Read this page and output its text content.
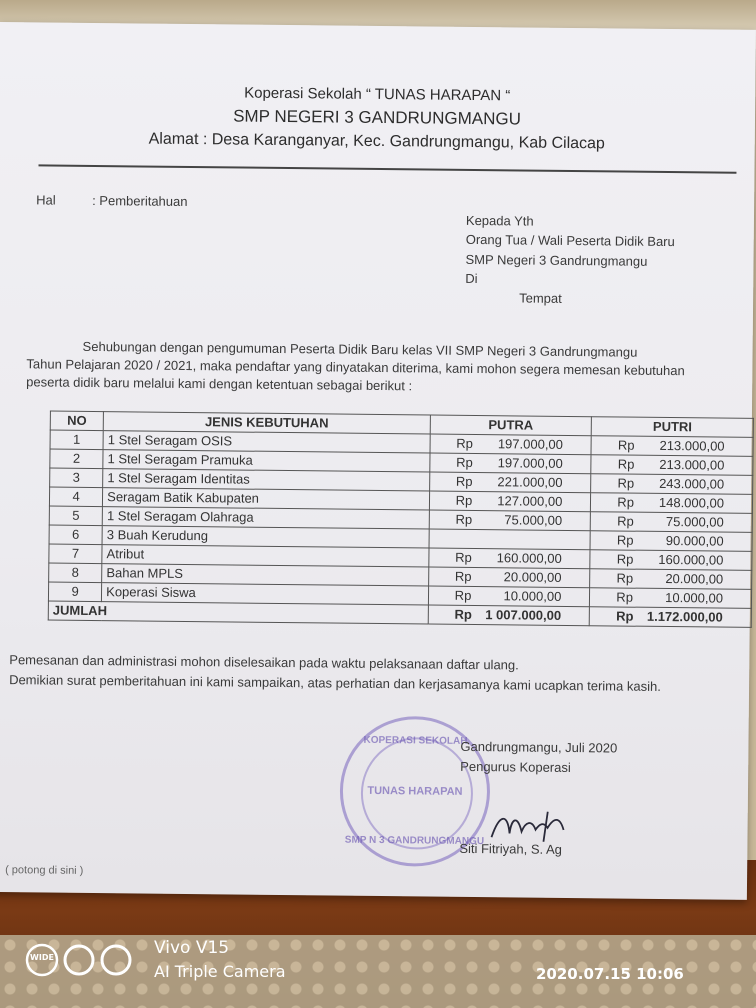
Koperasi Sekolah “ TUNAS HARAPAN “
SMP NEGERI 3 GANDRUNGMANGU
Alamat : Desa Karanganyar, Kec. Gandrungmangu, Kab Cilacap
Hal	: Pemberitahuan
Kepada Yth
Orang Tua / Wali Peserta Didik Baru
SMP Negeri 3 Gandrungmangu
Di
Tempat
Sehubungan dengan pengumuman Peserta Didik Baru kelas VII SMP Negeri 3 Gandrungmangu
Tahun Pelajaran 2020 / 2021, maka pendaftar yang dinyatakan diterima, kami mohon segera memesan kebutuhan
peserta didik baru melalui kami dengan ketentuan sebagai berikut :
NO	JENIS KEBUTUHAN	PUTRA	PUTRI
1	1 Stel Seragam OSIS	Rp 197.000,00	Rp 213.000,00

2	1 Stel Seragam Pramuka	Rp 197.000,00	Rp 213.000,00

3	1 Stel Seragam Identitas	Rp 221.000,00	Rp 243.000,00

4	Seragam Batik Kabupaten	Rp 127.000,00	Rp 148.000,00

5	1 Stel Seragam Olahraga	Rp 75.000,00	Rp 75.000,00

6	3 Buah Kerudung		Rp 90.000,00

7	Atribut	Rp 160.000,00	Rp 160.000,00

8	Bahan MPLS	Rp 20.000,00	Rp 20.000,00

9	Koperasi Siswa	Rp 10.000,00	Rp 10.000,00

JUMLAH		Rp 1 007.000,00	Rp 1.172.000,00
Pemesanan dan administrasi mohon diselesaikan pada waktu pelaksanaan daftar ulang.
Demikian surat pemberitahuan ini kami sampaikan, atas perhatian dan kerjasamanya kami ucapkan terima kasih.
KOPERASI SEKOLAH
TUNAS HARAPAN
SMP N 3 GANDRUNGMANGU
Gandrungmangu, Juli 2020
Pengurus Koperasi
Siti Fitriyah, S. Ag
( potong di sini )
WIDE	Vivo V15
AI Triple Camera	2020.07.15 10:06
